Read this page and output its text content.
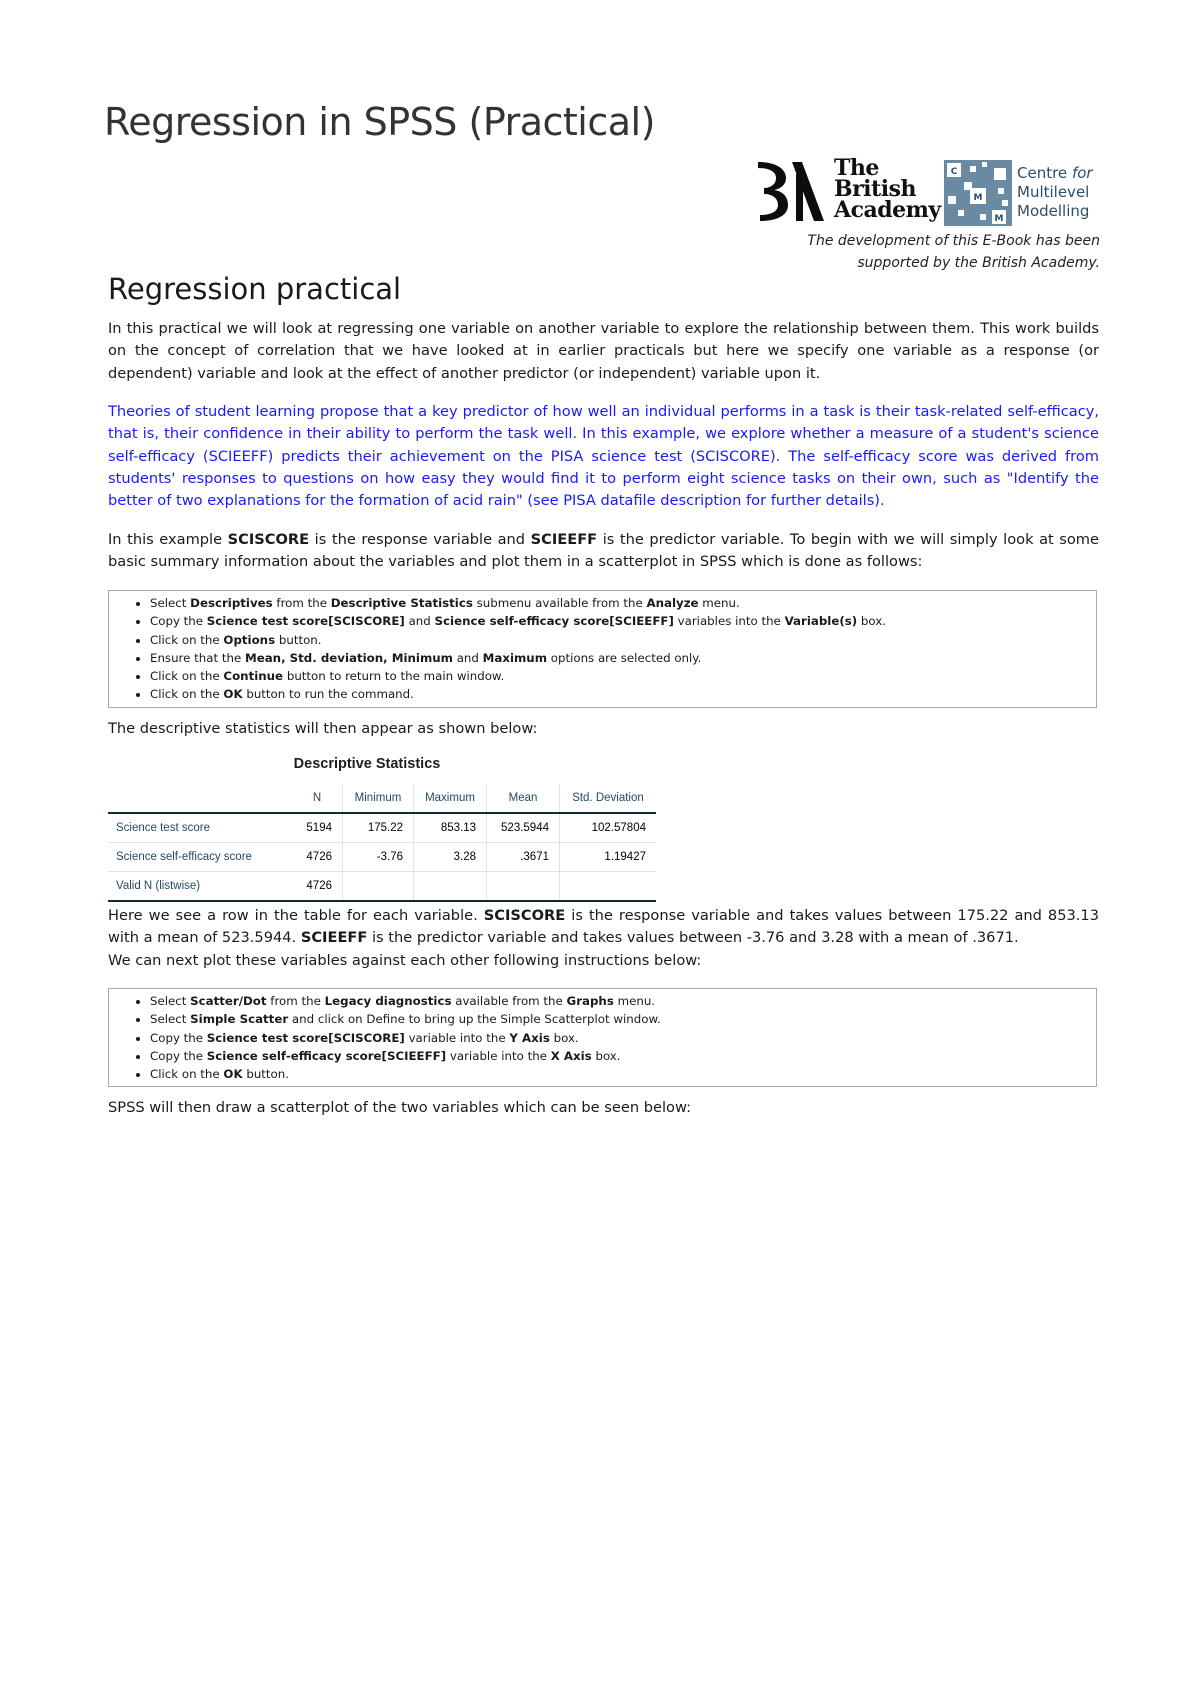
Regression in SPSS (Practical)
The
British
Academy
C
M
M
Centre for
Multilevel
Modelling
The development of this E-Book has been
supported by the British Academy.
Regression practical

In this practical we will look at regressing one variable on another variable to explore the relationship between them. This work builds on the concept of correlation that we have looked at in earlier practicals but here we specify one variable as a response (or dependent) variable and look at the effect of another predictor (or independent) variable upon it.

Theories of student learning propose that a key predictor of how well an individual performs in a task is their task-related self-efficacy, that is, their confidence in their ability to perform the task well. In this example, we explore whether a measure of a student's science self-efficacy (SCIEEFF) predicts their achievement on the PISA science test (SCISCORE). The self-efficacy score was derived from students' responses to questions on how easy they would find it to perform eight science tasks on their own, such as "Identify the better of two explanations for the formation of acid rain" (see PISA datafile description for further details).

In this example SCISCORE is the response variable and SCIEEFF is the predictor variable. To begin with we will simply look at some basic summary information about the variables and plot them in a scatterplot in SPSS which is done as follows:

• Select Descriptives from the Descriptive Statistics submenu available from the Analyze menu.
• Copy the Science test score[SCISCORE] and Science self-efficacy score[SCIEEFF] variables into the Variable(s) box.
• Click on the Options button.
• Ensure that the Mean, Std. deviation, Minimum and Maximum options are selected only.
• Click on the Continue button to return to the main window.
• Click on the OK button to run the command.

The descriptive statistics will then appear as shown below:

Descriptive Statistics
	N	Minimum	Maximum	Mean	Std. Deviation
Science test score	5194	175.22	853.13	523.5944	102.57804
Science self-efficacy score	4726	-3.76	3.28	.3671	1.19427
Valid N (listwise)	4726				

Here we see a row in the table for each variable. SCISCORE is the response variable and takes values between 175.22 and 853.13 with a mean of 523.5944. SCIEEFF is the predictor variable and takes values between -3.76 and 3.28 with a mean of .3671.
We can next plot these variables against each other following instructions below:

• Select Scatter/Dot from the Legacy diagnostics available from the Graphs menu.
• Select Simple Scatter and click on Define to bring up the Simple Scatterplot window.
• Copy the Science test score[SCISCORE] variable into the Y Axis box.
• Copy the Science self-efficacy score[SCIEEFF] variable into the X Axis box.
• Click on the OK button.

SPSS will then draw a scatterplot of the two variables which can be seen below:
